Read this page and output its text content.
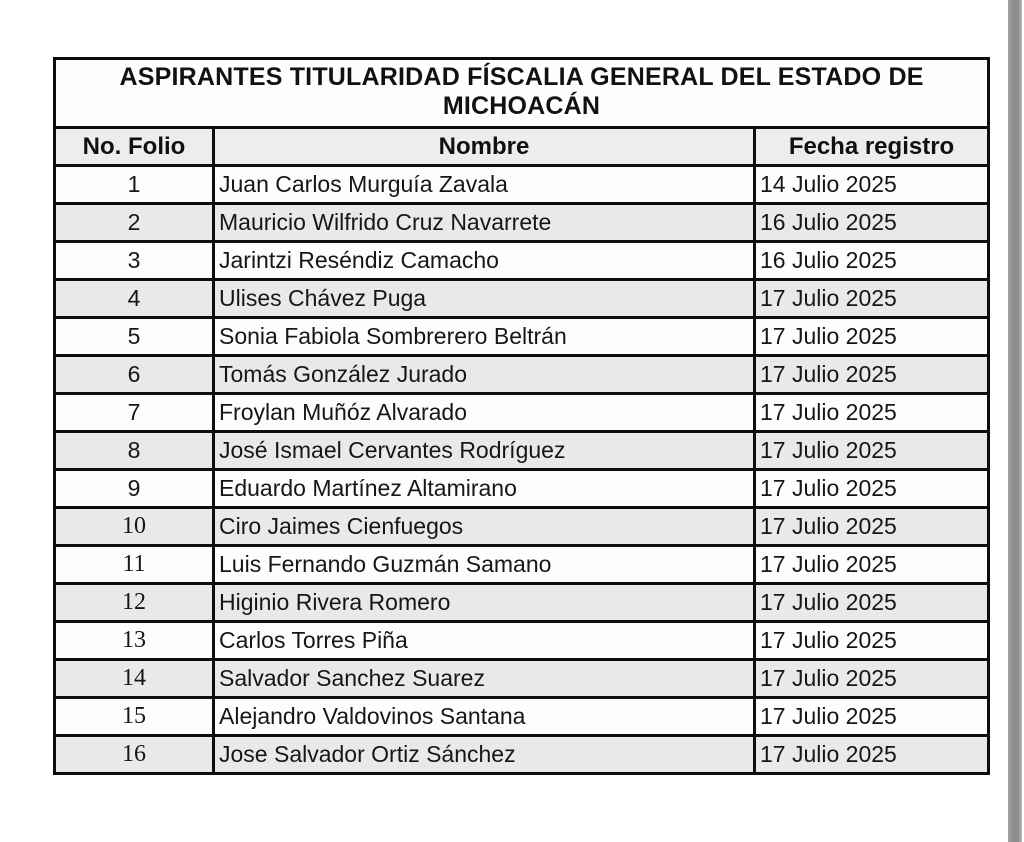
ASPIRANTES TITULARIDAD FÍSCALIA GENERAL DEL ESTADO DE
MICHOACÁN		

No. Folio	Nombre	Fecha registro
1	Juan Carlos Murguía Zavala	14 Julio 2025
2	Mauricio Wilfrido Cruz Navarrete	16 Julio 2025
3	Jarintzi Reséndiz Camacho	16 Julio 2025
4	Ulises Chávez Puga	17 Julio 2025
5	Sonia Fabiola Sombrerero Beltrán	17 Julio 2025
6	Tomás González Jurado	17 Julio 2025
7	Froylan Muñóz Alvarado	17 Julio 2025
8	José Ismael Cervantes Rodríguez	17 Julio 2025
9	Eduardo Martínez Altamirano	17 Julio 2025
10	Ciro Jaimes Cienfuegos	17 Julio 2025
11	Luis Fernando Guzmán Samano	17 Julio 2025
12	Higinio Rivera Romero	17 Julio 2025
13	Carlos Torres Piña	17 Julio 2025
14	Salvador Sanchez Suarez	17 Julio 2025
15	Alejandro Valdovinos Santana	17 Julio 2025
16	Jose Salvador Ortiz Sánchez	17 Julio 2025
